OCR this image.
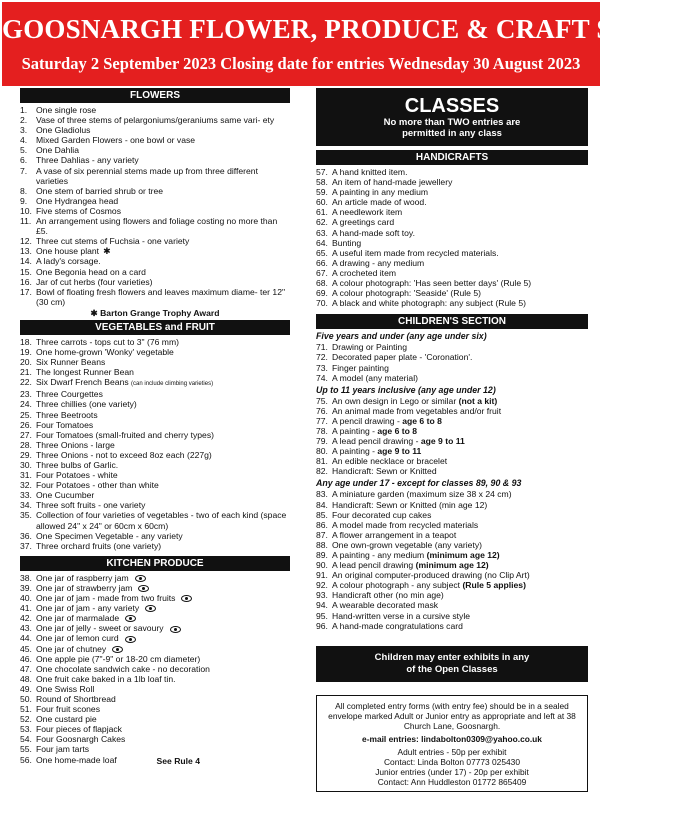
GOOSNARGH FLOWER, PRODUCE & CRAFT SHOW
Saturday 2 September 2023 Closing date for entries Wednesday 30 August 2023
FLOWERS
1.	One single rose
2.	Vase of three stems of pelargoniums/geraniums same vari- ety
3.	One Gladiolus
4.	Mixed Garden Flowers - one bowl or vase
5.	One Dahlia
6.	Three Dahlias - any variety
7.	A vase of six perennial stems made up from three different varieties
8.	One stem of barried shrub or tree
9.	One Hydrangea head
10. Five stems of Cosmos
11. An arrangement using flowers and foliage costing no more than £5.
12. Three cut stems of Fuchsia - one variety
13. One house plant ✱
14. A lady's corsage.
15. One Begonia head on a card
16. Jar of cut herbs (four varieties)
17. Bowl of floating fresh flowers and leaves maximum diame- ter 12" (30 cm)
✱ Barton Grange Trophy Award
VEGETABLES and FRUIT
18. Three carrots - tops cut to 3" (76 mm)
19. One home-grown 'Wonky' vegetable
20. Six Runner Beans
21. The longest Runner Bean
22. Six Dwarf French Beans (can include climbing varieties)
23. Three Courgettes
24. Three chillies (one variety)
25. Three Beetroots
26. Four Tomatoes
27. Four Tomatoes (small-fruited and cherry types)
28. Three Onions - large
29. Three Onions - not to exceed 8oz each (227g)
30. Three bulbs of Garlic.
31. Four Potatoes - white
32. Four Potatoes - other than white
33. One Cucumber
34. Three soft fruits - one variety
35. Collection of four varieties of vegetables - two of each kind (space allowed 24" x 24" or 60cm x 60cm)
36. One Specimen Vegetable - any variety
37. Three orchard fruits (one variety)
KITCHEN PRODUCE
38. One jar of raspberry jam
39. One jar of strawberry jam
40. One jar of jam - made from two fruits
41. One jar of jam - any variety
42. One jar of marmalade
43. One jar of jelly - sweet or savoury
44. One jar of lemon curd
45. One jar of chutney
46. One apple pie (7"-9" or 18-20 cm diameter)
47. One chocolate sandwich cake - no decoration
48. One fruit cake baked in a 1lb loaf tin.
49. One Swiss Roll
50. Round of Shortbread
51. Four fruit scones
52. One custard pie
53. Four pieces of flapjack
54. Four Goosnargh Cakes
55. Four jam tarts
56. One home-made loaf	See Rule 4
CLASSES
No more than TWO entries are
permitted in any class
HANDICRAFTS
57. A hand knitted item.
58. An item of hand-made jewellery
59. A painting in any medium
60. An article made of wood.
61. A needlework item
62. A greetings card
63. A hand-made soft toy.
64. Bunting
65. A useful item made from recycled materials.
66. A drawing - any medium
67. A crocheted item
68. A colour photograph: 'Has seen better days' (Rule 5)
69. A colour photograph: 'Seaside' (Rule 5)
70. A black and white photograph: any subject (Rule 5)
CHILDREN'S SECTION
Five years and under (any age under six)
71. Drawing or Painting
72. Decorated paper plate - 'Coronation'.
73. Finger painting
74. A model (any material)
Up to 11 years inclusive (any age under 12)
75. An own design in Lego or similar (not a kit)
76. An animal made from vegetables and/or fruit
77. A pencil drawing - age 6 to 8
78. A painting - age 6 to 8
79. A lead pencil drawing - age 9 to 11
80. A painting - age 9 to 11
81. An edible necklace or bracelet
82. Handicraft: Sewn or Knitted
Any age under 17 - except for classes 89, 90 & 93
83. A miniature garden (maximum size 38 x 24 cm)
84. Handicraft: Sewn or Knitted (min age 12)
85. Four decorated cup cakes
86. A model made from recycled materials
87. A flower arrangement in a teapot
88. One own-grown vegetable (any variety)
89. A painting - any medium (minimum age 12)
90. A lead pencil drawing (minimum age 12)
91. An original computer-produced drawing (no Clip Art)
92. A colour photograph - any subject (Rule 5 applies)
93. Handicraft other (no min age)
94. A wearable decorated mask
95. Hand-written verse in a cursive style
96. A hand-made congratulations card
Children may enter exhibits in any
of the Open Classes
All completed entry forms (with entry fee) should be in a sealed envelope marked Adult or Junior entry as appropriate and left at 38 Church Lane, Goosnargh.
e-mail entries: lindabolton0309@yahoo.co.uk
Adult entries - 50p per exhibit
Contact: Linda Bolton 07773 025430
Junior entries (under 17) - 20p per exhibit
Contact: Ann Huddleston 01772 865409
